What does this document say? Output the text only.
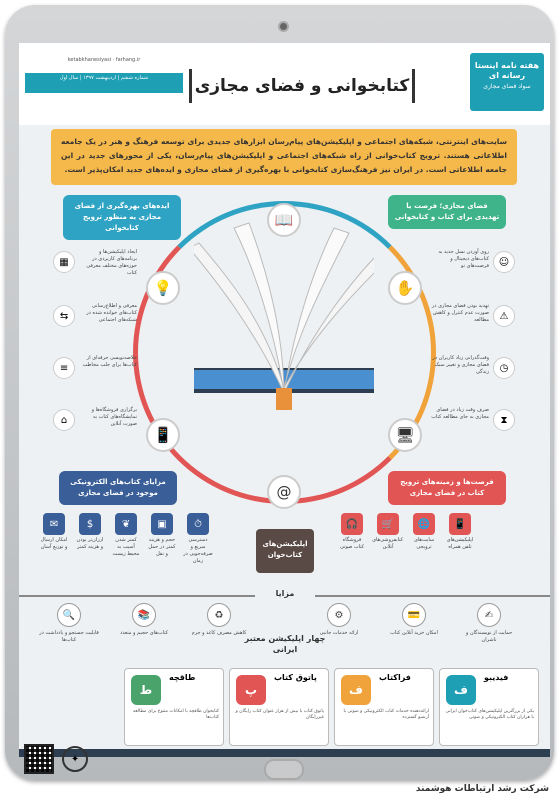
هفته نامه اینستا رسانه ای
سواد فضای مجازی
کتابخوانی و فضای مجازی
ketabkhanesiyasi · farhang.ir
شماره ششم | اردیبهشت ۱۳۹۷ | سال اول
سایت‌های اینترنتی، شبکه‌های اجتماعی و اپلیکیشن‌های پیام‌رسان ابزارهای جدیدی برای توسعه فرهنگ و هنر در یک جامعه اطلاعاتی هستند. ترویج کتاب‌خوانی از راه شبکه‌های اجتماعی و اپلیکیشن‌های پیام‌رسان، یکی از محورهای جدید در این جامعه اطلاعاتی است. در ایران نیز فرهنگ‌سازی کتابخوانی با بهره‌گیری از فضای مجازی و ایده‌های جدید امکان‌پذیر است.
📖
💡	✋
📱	🖥
@
ایده‌های بهره‌گیری از فضای مجازی به منظور ترویج کتابخوانی
فضای مجازی؛ فرصت یا تهدیدی برای کتاب و کتابخوانی
مزایای کتاب‌های الکترونیکی موجود در فضای مجازی
فرصت‌ها و زمینه‌های ترویج کتاب در فضای مجازی
▦
ایجاد اپلیکیشن‌ها و برنامه‌های کاربردی در حوزه‌های مختلف معرفی کتاب
⇆
معرفی و اطلاع‌رسانی کتاب‌های خوانده شده در شبکه‌های اجتماعی
≡
خلاصه‌نویسی حرفه‌ای از کتاب‌ها برای جلب مخاطب
⌂
برگزاری فروشگاه‌ها و نمایشگاه‌های کتاب به صورت آنلاین
☺
روی آوردن نسل جدید به کتاب‌های دیجیتال و فرصت‌های نو
⚠
تهدید بودن فضای مجازی در صورت عدم کنترل و کاهش مطالعه
◷
وقت‌گذرانی زیاد کاربران در فضای مجازی و تغییر سبک زندگی
⧗
صرف وقت زیاد در فضای مجازی به جای مطالعه کتاب
📱
اپلیکیشن‌های تلفن همراه
🌐
سایت‌های ترویجی
🛒
کتابفروشی‌های آنلاین
🎧
فروشگاه کتاب صوتی
⏱
دسترسی سریع و صرفه‌جویی در زمان
▣
حجم و هزینه کمتر در حمل و نقل
❦
کمتر شدن آسیب به محیط زیست
$
ارزان‌تر بودن و هزینه کمتر
✉
امکان ارسال و توزیع آسان	اپلیکیشن‌های کتاب‌خوان
مزایا
✍
حمایت از نویسندگان و ناشران
💳
امکان خرید آنلاین کتاب
⚙
ارائه خدمات جانبی
♻
کاهش مصرف کاغذ و جرم
📚
کتاب‌های حجیم و متعدد
🔍
قابلیت جستجو و یادداشت در کتاب‌ها	چهار اپلیکیشن معتبر ایرانی
فیدیبو
ف
یکی از بزرگترین اپلیکیشن‌های کتاب‌خوان ایرانی با هزاران کتاب الکترونیکی و صوتی
فراکتاب
ف
ارائه‌دهنده خدمات کتاب الکترونیکی و صوتی با آرشیو گسترده
پاتوق کتاب
پ
پاتوق کتاب با بیش از هزار عنوان کتاب رایگان و غیررایگان
طاقچه
ط
کتابخوان طاقچه با امکانات متنوع برای مطالعه کتاب‌ها
✦
شرکت رشد ارتباطات هوشمند
